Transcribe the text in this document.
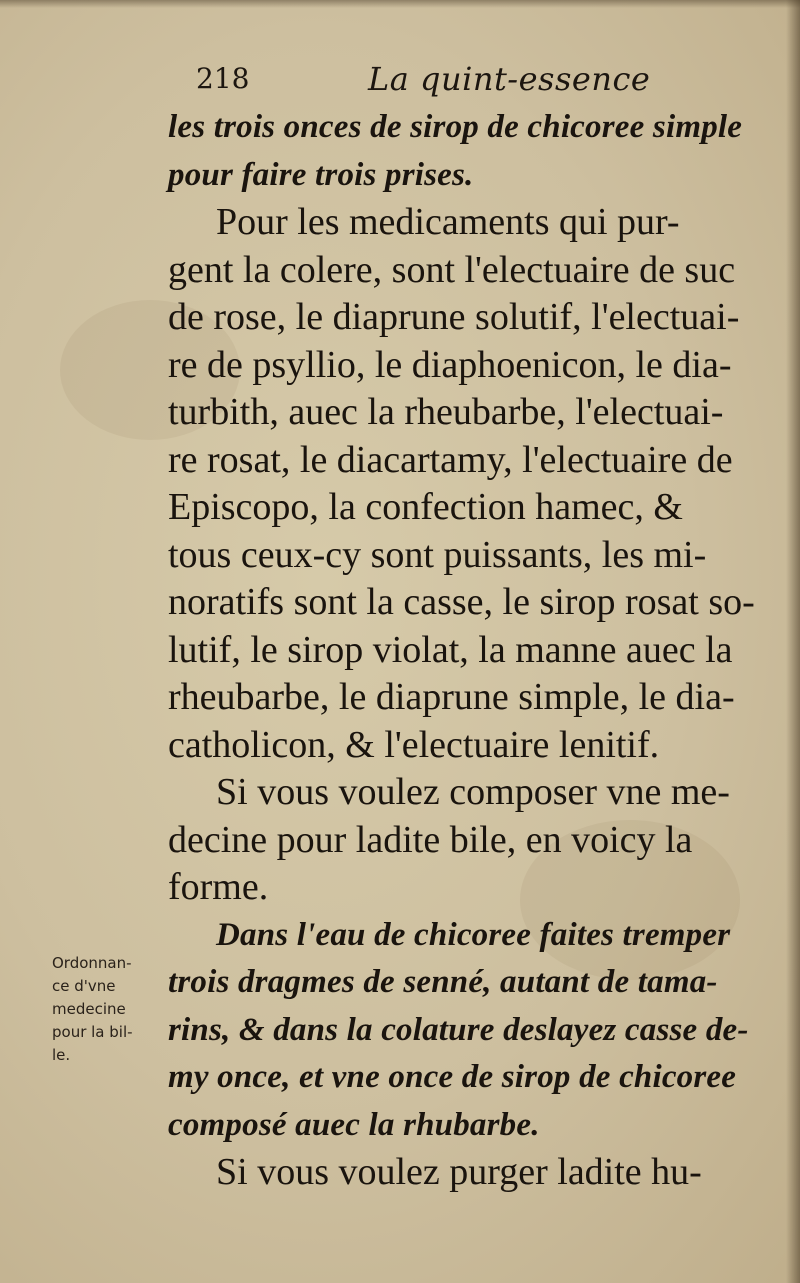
218	La quint-essence
les trois onces de sirop de chicoree simple
pour faire trois prises.
Pour les medicaments qui pur-
gent la colere, sont l'electuaire de suc
de rose, le diaprune solutif, l'electuai-
re de psyllio, le diaphoenicon, le dia-
turbith, auec la rheubarbe, l'electuai-
re rosat, le diacartamy, l'electuaire de
Episcopo, la confection hamec, &
tous ceux-cy sont puissants, les mi-
noratifs sont la casse, le sirop rosat so-
lutif, le sirop violat, la manne auec la
rheubarbe, le diaprune simple, le dia-
catholicon, & l'electuaire lenitif.
Si vous voulez composer vne me-
decine pour ladite bile, en voicy la
forme.
Dans l'eau de chicoree faites tremper
trois dragmes de senné, autant de tama-
rins, & dans la colature deslayez casse de-
my once, et vne once de sirop de chicoree
composé auec la rhubarbe.
Si vous voulez purger ladite hu-
Ordonnan-
ce d'vne
medecine
pour la bil-
le.
